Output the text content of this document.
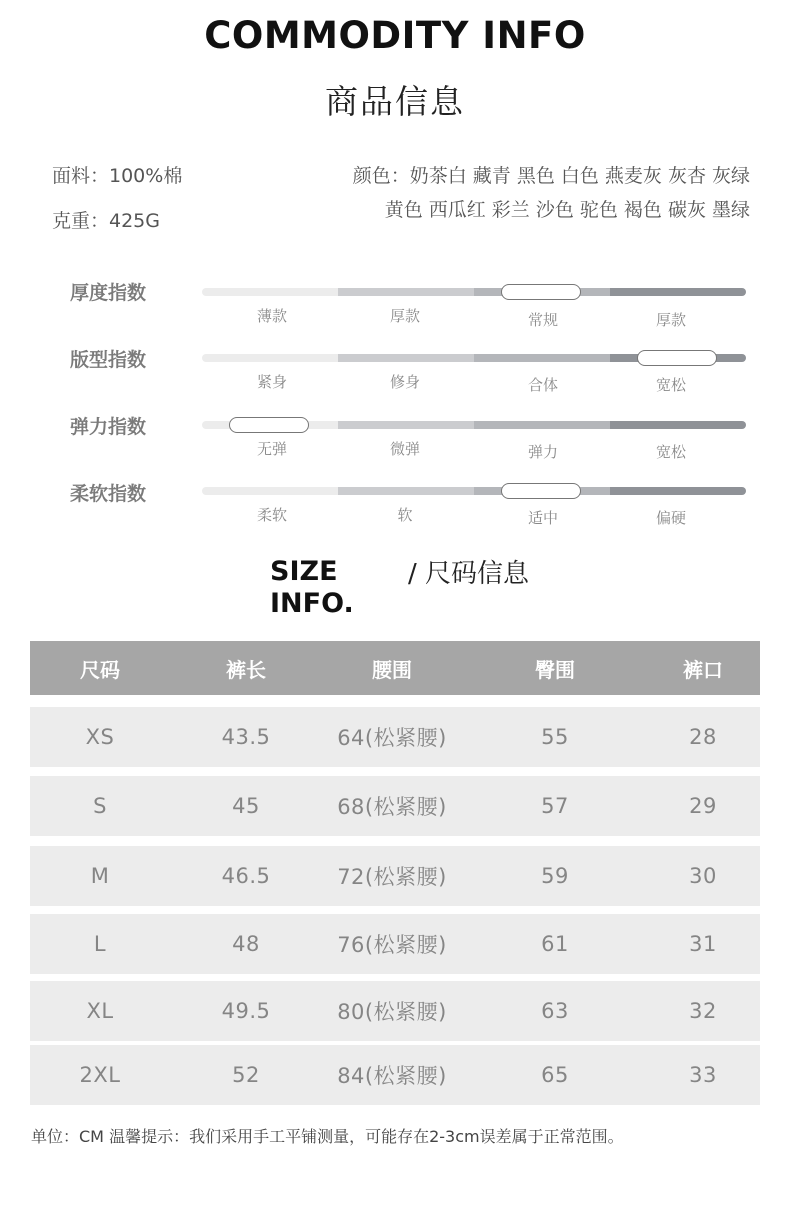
COMMODITY INFO
商品信息
面料：100%棉
克重：425G
颜色：奶茶白 藏青 黑色 白色 燕麦灰 灰杏 灰绿
黄色 西瓜红 彩兰 沙色 驼色 褐色 碳灰 墨绿
厚度指数
薄款	厚款	常规	厚款
版型指数
紧身	修身	合体	宽松
弹力指数
无弹	微弹	弹力	宽松
柔软指数
柔软	软	适中	偏硬
SIZE
INFO.
/ 尺码信息
尺码	裤长	腰围	臀围	裤口
XS	43.5	64(松紧腰)	55	28
S	45	68(松紧腰)	57	29
M	46.5	72(松紧腰)	59	30
L	48	76(松紧腰)	61	31
XL	49.5	80(松紧腰)	63	32
2XL	52	84(松紧腰)	65	33
单位：CM 温馨提示：我们采用手工平铺测量，可能存在2-3cm误差属于正常范围。
